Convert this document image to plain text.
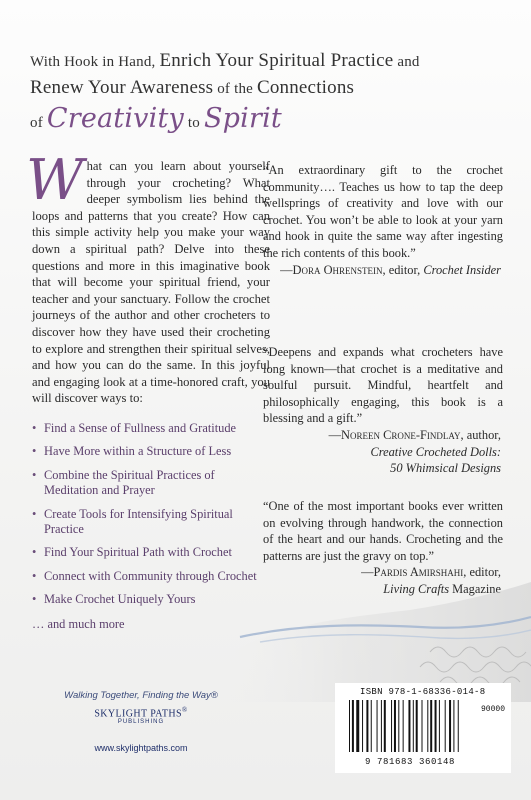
With Hook in Hand, Enrich Your Spiritual Practice and
Renew Your Awareness of the Connections
of Creativity to Spirit

What can you learn about yourself through your crocheting? What deeper symbolism lies behind the loops and patterns that you create? How can this simple activity help you make your way down a spiritual path? Delve into these questions and more in this imaginative book that will become your spiritual friend, your teacher and your sanctuary. Follow the crochet journeys of the author and other crocheters to discover how they have used their crocheting to explore and strengthen their spiritual selves, and how you can do the same. In this joyful and engaging look at a time-honored craft, you will discover ways to:

• Find a Sense of Fullness and Gratitude
• Have More within a Structure of Less
• Combine the Spiritual Practices of Meditation and Prayer
• Create Tools for Intensifying Spiritual Practice
• Find Your Spiritual Path with Crochet
• Connect with Community through Crochet
• Make Crochet Uniquely Yours
… and much more

“An extraordinary gift to the crochet community…. Teaches us how to tap the deep wellsprings of creativity and love with our crochet. You won’t be able to look at your yarn and hook in quite the same way after ingesting the rich contents of this book.”

—Dora Ohrenstein, editor, Crochet Insider

“Deepens and expands what crocheters have long known—that crochet is a meditative and soulful pursuit. Mindful, heartfelt and philosophically engaging, this book is a blessing and a gift.”

—Noreen Crone-Findlay, author,
Creative Crocheted Dolls:
50 Whimsical Designs

“One of the most important books ever written on evolving through handwork, the connection of the heart and our hands. Crocheting and the patterns are just the gravy on top.”

—Pardis Amirshahi, editor,
Living Crafts Magazine
Walking Together, Finding the Way®
SKYLIGHT PATHS®
PUBLISHING
www.skylightpaths.com
ISBN 978-1-68336-014-8
90000
9 781683 360148
